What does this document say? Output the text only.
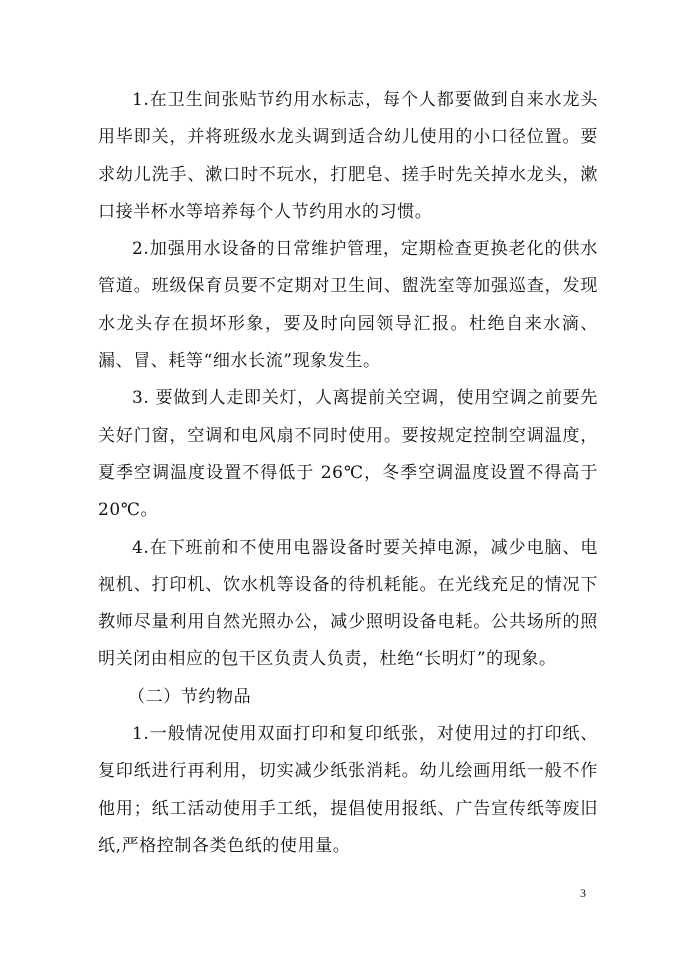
1.在卫生间张贴节约用水标志，每个人都要做到自来水龙头用毕即关，并将班级水龙头调到适合幼儿使用的小口径位置。要求幼儿洗手、漱口时不玩水，打肥皂、搓手时先关掉水龙头，漱口接半杯水等培养每个人节约用水的习惯。

2.加强用水设备的日常维护管理，定期检查更换老化的供水管道。班级保育员要不定期对卫生间、盥洗室等加强巡查，发现水龙头存在损坏形象，要及时向园领导汇报。杜绝自来水滴、漏、冒、耗等“细水长流”现象发生。

3. 要做到人走即关灯，人离提前关空调，使用空调之前要先关好门窗，空调和电风扇不同时使用。要按规定控制空调温度，夏季空调温度设置不得低于 26℃，冬季空调温度设置不得高于 20℃。

4.在下班前和不使用电器设备时要关掉电源，减少电脑、电视机、打印机、饮水机等设备的待机耗能。在光线充足的情况下教师尽量利用自然光照办公，减少照明设备电耗。公共场所的照明关闭由相应的包干区负责人负责，杜绝“长明灯”的现象。

（二）节约物品

1.一般情况使用双面打印和复印纸张，对使用过的打印纸、复印纸进行再利用，切实减少纸张消耗。幼儿绘画用纸一般不作他用；纸工活动使用手工纸，提倡使用报纸、广告宣传纸等废旧纸,严格控制各类色纸的使用量。

3
